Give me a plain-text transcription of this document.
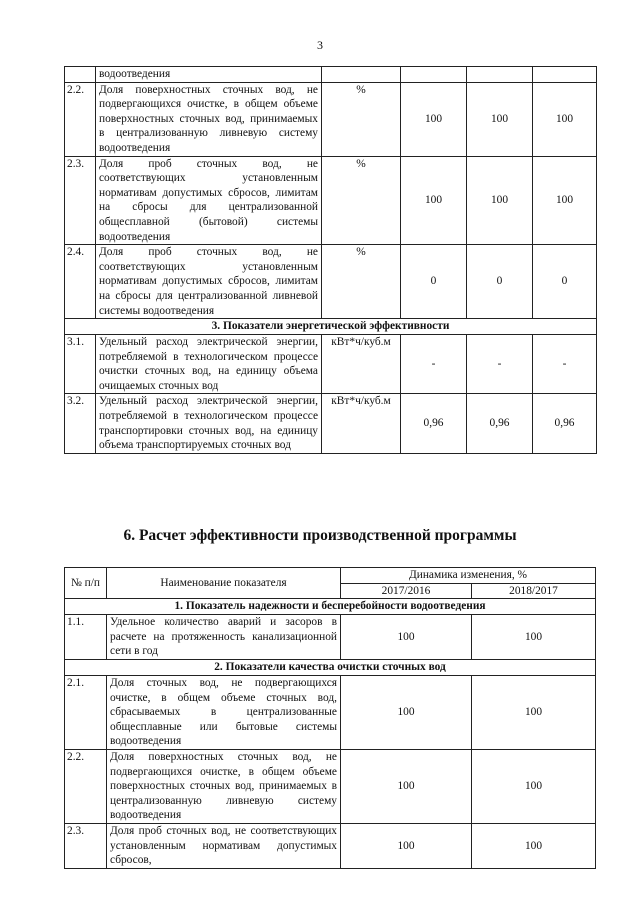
3
	водоотведения				
2.2.	Доля поверхностных сточных вод, не подвергающихся очистке, в общем объеме поверхностных сточных вод, принимаемых в централизованную ливневую систему водоотведения	%	100	100	100
2.3.	Доля проб сточных вод, не соответствующих установленным нормативам допустимых сбросов, лимитам на сбросы для централизованной общесплавной (бытовой) системы водоотведения	%	100	100	100
2.4.	Доля проб сточных вод, не соответствующих установленным нормативам допустимых сбросов, лимитам на сбросы для централизованной ливневой системы водоотведения	%	0	0	0
3. Показатели энергетической эффективности					
3.1.	Удельный расход электрической энергии, потребляемой в технологическом процессе очистки сточных вод, на единицу объема очищаемых сточных вод	кВт*ч/куб.м	-	-	-
3.2.	Удельный расход электрической энергии, потребляемой в технологическом процессе транспортировки сточных вод, на единицу объема транспортируемых сточных вод	кВт*ч/куб.м	0,96	0,96	0,96
6. Расчет эффективности производственной программы
№ п/п	Наименование показателя	Динамика изменения, %	
		2017/2016	2018/2017
1. Показатель надежности и бесперебойности водоотведения			
1.1.	Удельное количество аварий и засоров в расчете на протяженность канализационной сети в год	100	100
2. Показатели качества очистки сточных вод			
2.1.	Доля сточных вод, не подвергающихся очистке, в общем объеме сточных вод, сбрасываемых в централизованные общесплавные или бытовые системы водоотведения	100	100
2.2.	Доля поверхностных сточных вод, не подвергающихся очистке, в общем объеме поверхностных сточных вод, принимаемых в централизованную ливневую систему водоотведения	100	100
2.3.	Доля проб сточных вод, не соответствующих установленным нормативам допустимых сбросов,	100	100
